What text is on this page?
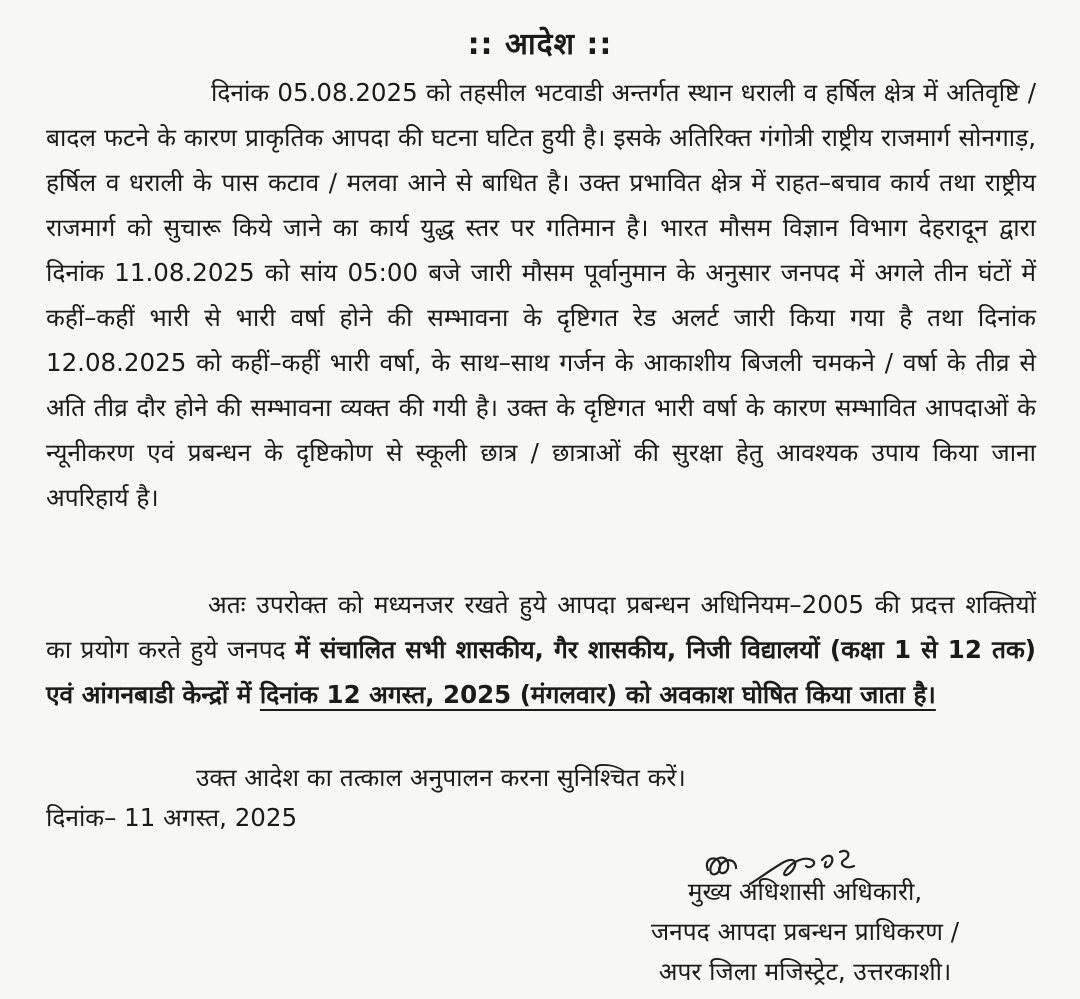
:: आदेश ::

दिनांक 05.08.2025 को तहसील भटवाडी अन्तर्गत स्थान धराली व हर्षिल क्षेत्र में अतिवृष्टि / बादल फटने के कारण प्राकृतिक आपदा की घटना घटित हुयी है। इसके अतिरिक्त गंगोत्री राष्ट्रीय राजमार्ग सोनगाड़, हर्षिल व धराली के पास कटाव / मलवा आने से बाधित है। उक्त प्रभावित क्षेत्र में राहत–बचाव कार्य तथा राष्ट्रीय राजमार्ग को सुचारू किये जाने का कार्य युद्ध स्तर पर गतिमान है। भारत मौसम विज्ञान विभाग देहरादून द्वारा दिनांक 11.08.2025 को सांय 05:00 बजे जारी मौसम पूर्वानुमान के अनुसार जनपद में अगले तीन घंटों में कहीं–कहीं भारी से भारी वर्षा होने की सम्भावना के दृष्टिगत रेड अलर्ट जारी किया गया है तथा दिनांक 12.08.2025 को कहीं–कहीं भारी वर्षा, के साथ–साथ गर्जन के आकाशीय बिजली चमकने / वर्षा के तीव्र से अति तीव्र दौर होने की सम्भावना व्यक्त की गयी है। उक्त के दृष्टिगत भारी वर्षा के कारण सम्भावित आपदाओं के न्यूनीकरण एवं प्रबन्धन के दृष्टिकोण से स्कूली छात्र / छात्राओं की सुरक्षा हेतु आवश्यक उपाय किया जाना अपरिहार्य है।

अतः उपरोक्त को मध्यनजर रखते हुये आपदा प्रबन्धन अधिनियम–2005 की प्रदत्त शक्तियों का प्रयोग करते हुये जनपद में संचालित सभी शासकीय, गैर शासकीय, निजी विद्यालयों (कक्षा 1 से 12 तक) एवं आंगनबाडी केन्द्रों में दिनांक 12 अगस्त, 2025 (मंगलवार) को अवकाश घोषित किया जाता है।

उक्त आदेश का तत्काल अनुपालन करना सुनिश्चित करें।
दिनांक– 11 अगस्त, 2025
मुख्य अधिशासी अधिकारी,
जनपद आपदा प्रबन्धन प्राधिकरण /
अपर जिला मजिस्ट्रेट, उत्तरकाशी।
